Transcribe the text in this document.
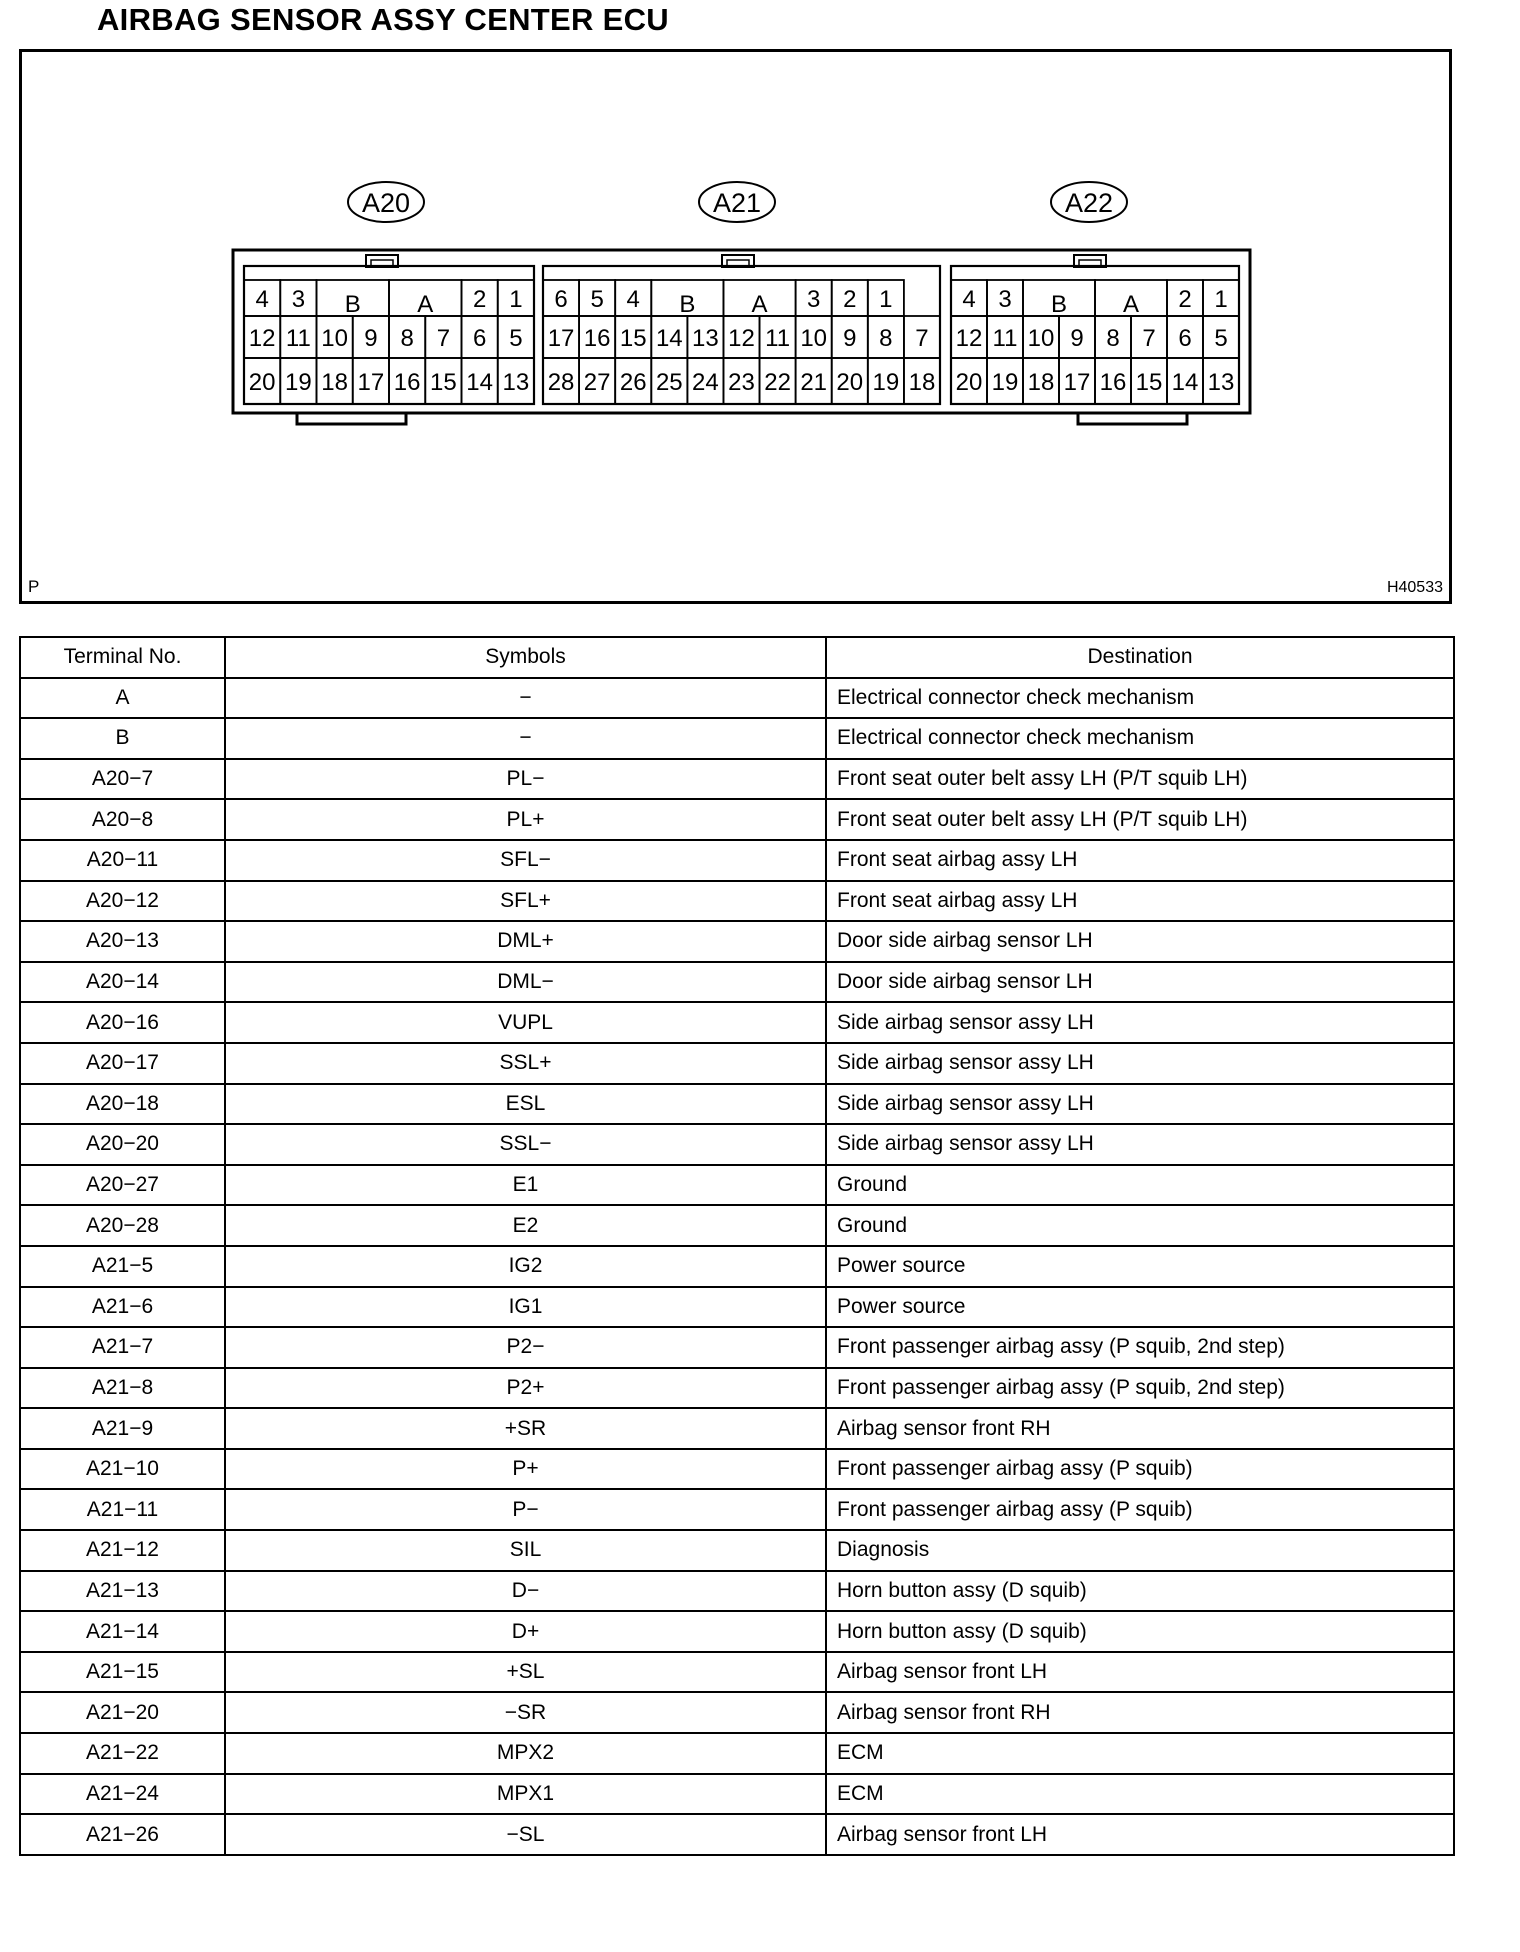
AIRBAG SENSOR ASSY CENTER ECU
A20
12 11 10 9 8 7 6 5
20 19 18 17 16 15 14 13
4 3 B A 2 1
A21
17 16 15 14 13 12 11 10 9 8 7
28 27 26 25 24 23 22 21 20 19 18
6 5 4 B A 3 2 1
A22
12 11 10 9 8 7 6 5
20 19 18 17 16 15 14 13
4 3 B A 2 1
P	H40533
Terminal No.	Symbols	Destination
A	−	Electrical connector check mechanism
B	−	Electrical connector check mechanism
A20−7	PL−	Front seat outer belt assy LH (P/T squib LH)
A20−8	PL+	Front seat outer belt assy LH (P/T squib LH)
A20−11	SFL−	Front seat airbag assy LH
A20−12	SFL+	Front seat airbag assy LH
A20−13	DML+	Door side airbag sensor LH
A20−14	DML−	Door side airbag sensor LH
A20−16	VUPL	Side airbag sensor assy LH
A20−17	SSL+	Side airbag sensor assy LH
A20−18	ESL	Side airbag sensor assy LH
A20−20	SSL−	Side airbag sensor assy LH
A20−27	E1	Ground
A20−28	E2	Ground
A21−5	IG2	Power source
A21−6	IG1	Power source
A21−7	P2−	Front passenger airbag assy (P squib, 2nd step)
A21−8	P2+	Front passenger airbag assy (P squib, 2nd step)
A21−9	+SR	Airbag sensor front RH
A21−10	P+	Front passenger airbag assy (P squib)
A21−11	P−	Front passenger airbag assy (P squib)
A21−12	SIL	Diagnosis
A21−13	D−	Horn button assy (D squib)
A21−14	D+	Horn button assy (D squib)
A21−15	+SL	Airbag sensor front LH
A21−20	−SR	Airbag sensor front RH
A21−22	MPX2	ECM
A21−24	MPX1	ECM
A21−26	−SL	Airbag sensor front LH
